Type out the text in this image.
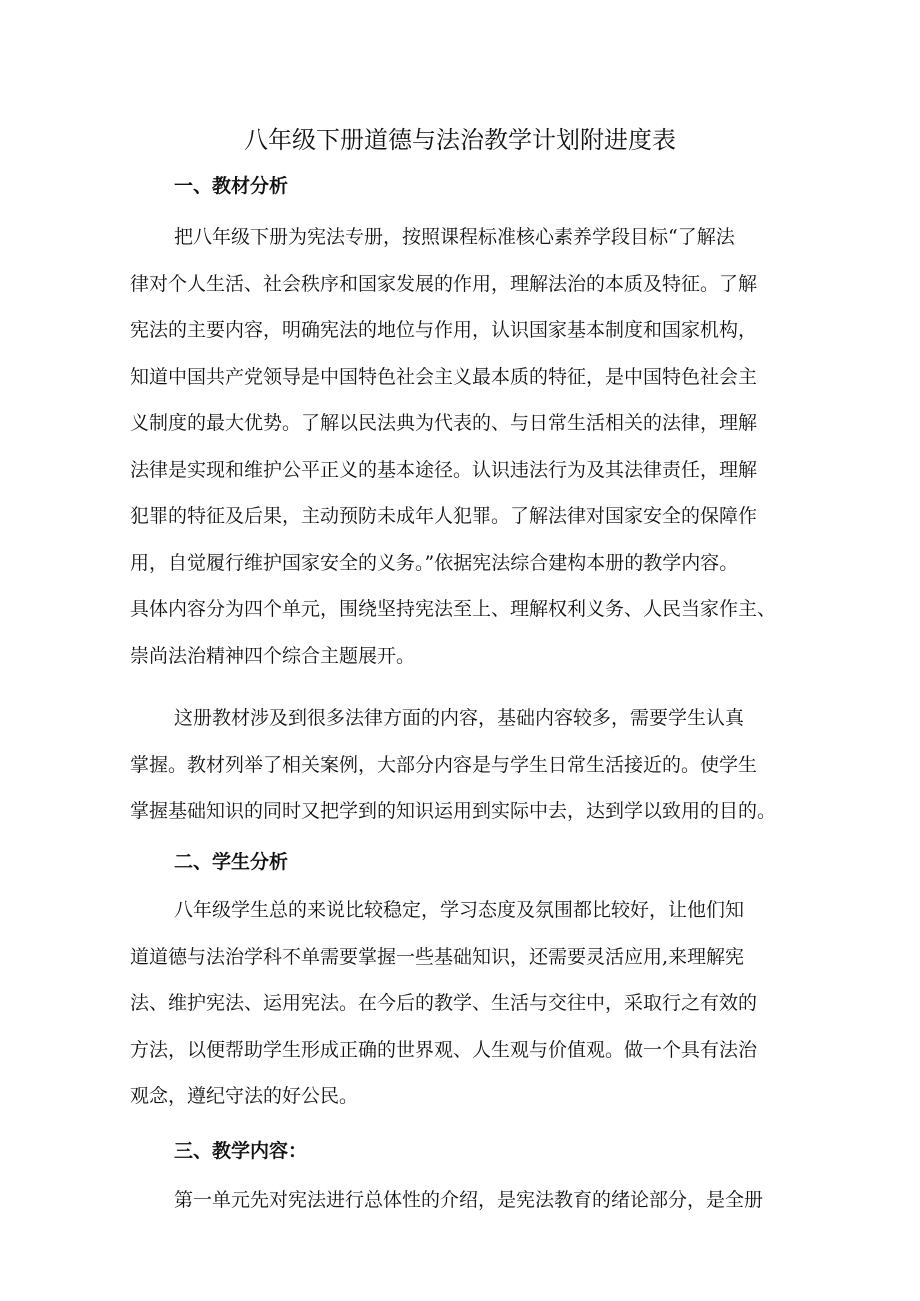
八年级下册道德与法治教学计划附进度表
一、教材分析
把八年级下册为宪法专册，按照课程标准核心素养学段目标“了解法
律对个人生活、社会秩序和国家发展的作用，理解法治的本质及特征。了解
宪法的主要内容，明确宪法的地位与作用，认识国家基本制度和国家机构，
知道中国共产党领导是中国特色社会主义最本质的特征，是中国特色社会主
义制度的最大优势。了解以民法典为代表的、与日常生活相关的法律，理解
法律是实现和维护公平正义的基本途径。认识违法行为及其法律责任，理解
犯罪的特征及后果，主动预防未成年人犯罪。了解法律对国家安全的保障作
用，自觉履行维护国家安全的义务。”依据宪法综合建构本册的教学内容。
具体内容分为四个单元，围绕坚持宪法至上、理解权利义务、人民当家作主、
崇尚法治精神四个综合主题展开。
这册教材涉及到很多法律方面的内容，基础内容较多，需要学生认真
掌握。教材列举了相关案例，大部分内容是与学生日常生活接近的。使学生
掌握基础知识的同时又把学到的知识运用到实际中去，达到学以致用的目的。
二、学生分析
八年级学生总的来说比较稳定，学习态度及氛围都比较好，让他们知
道道德与法治学科不单需要掌握一些基础知识，还需要灵活应用,来理解宪
法、维护宪法、运用宪法。在今后的教学、生活与交往中，采取行之有效的
方法，以便帮助学生形成正确的世界观、人生观与价值观。做一个具有法治
观念，遵纪守法的好公民。
三、教学内容：
第一单元先对宪法进行总体性的介绍，是宪法教育的绪论部分，是全册
